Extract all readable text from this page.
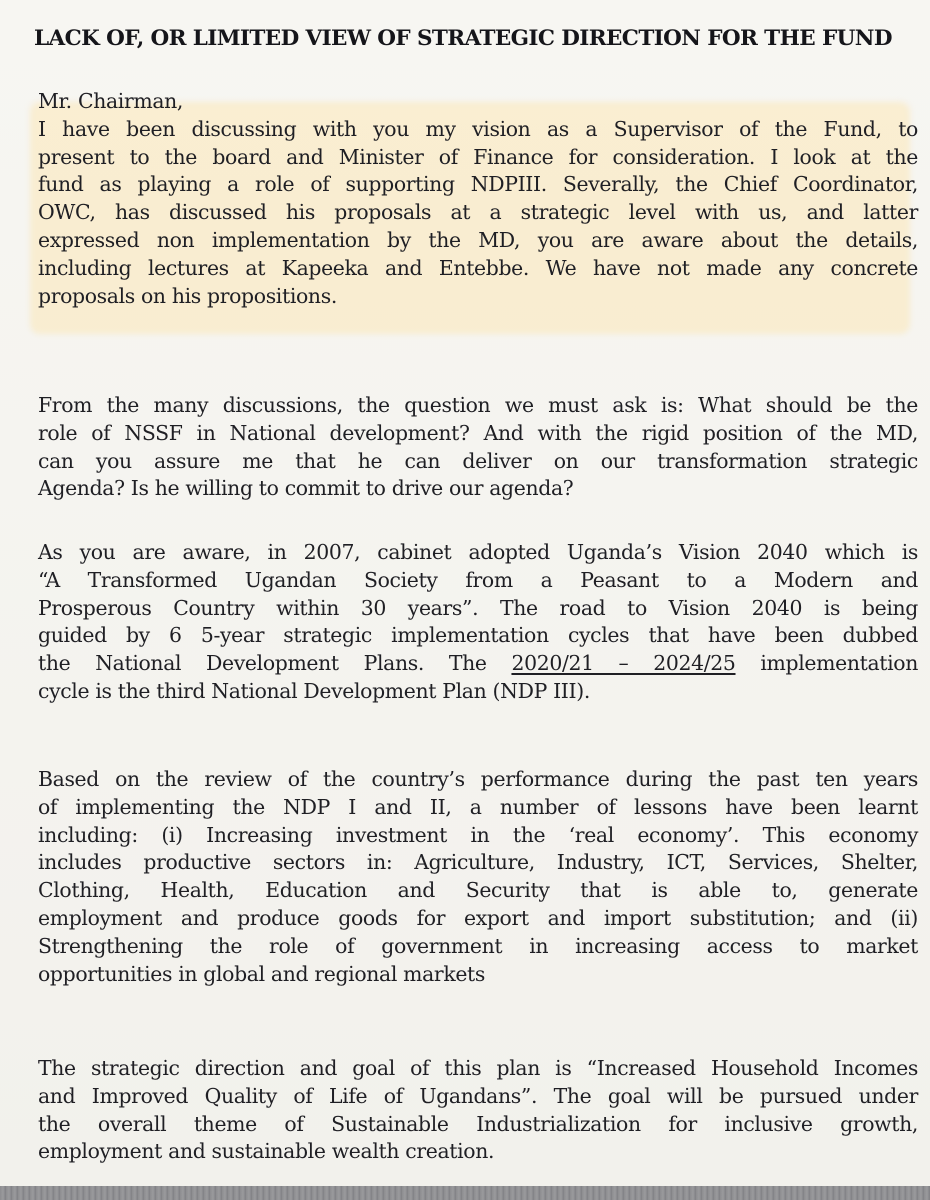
LACK OF, OR LIMITED VIEW OF STRATEGIC DIRECTION FOR THE FUND
Mr. Chairman,
I have been discussing with you my vision as a Supervisor of the Fund, to
present to the board and Minister of Finance for consideration. I look at the
fund as playing a role of supporting NDPIII. Severally, the Chief Coordinator,
OWC, has discussed his proposals at a strategic level with us, and latter
expressed non implementation by the MD, you are aware about the details,
including lectures at Kapeeka and Entebbe. We have not made any concrete
proposals on his propositions.
From the many discussions, the question we must ask is: What should be the
role of NSSF in National development? And with the rigid position of the MD,
can you assure me that he can deliver on our transformation strategic
Agenda? Is he willing to commit to drive our agenda?
As you are aware, in 2007, cabinet adopted Uganda’s Vision 2040 which is
“A Transformed Ugandan Society from a Peasant to a Modern and
Prosperous Country within 30 years”. The road to Vision 2040 is being
guided by 6 5-year strategic implementation cycles that have been dubbed
the National Development Plans. The 2020/21 – 2024/25 implementation
cycle is the third National Development Plan (NDP III).
Based on the review of the country’s performance during the past ten years
of implementing the NDP I and II, a number of lessons have been learnt
including: (i) Increasing investment in the ‘real economy’. This economy
includes productive sectors in: Agriculture, Industry, ICT, Services, Shelter,
Clothing, Health, Education and Security that is able to, generate
employment and produce goods for export and import substitution; and (ii)
Strengthening the role of government in increasing access to market
opportunities in global and regional markets
The strategic direction and goal of this plan is “Increased Household Incomes
and Improved Quality of Life of Ugandans”. The goal will be pursued under
the overall theme of Sustainable Industrialization for inclusive growth,
employment and sustainable wealth creation.
